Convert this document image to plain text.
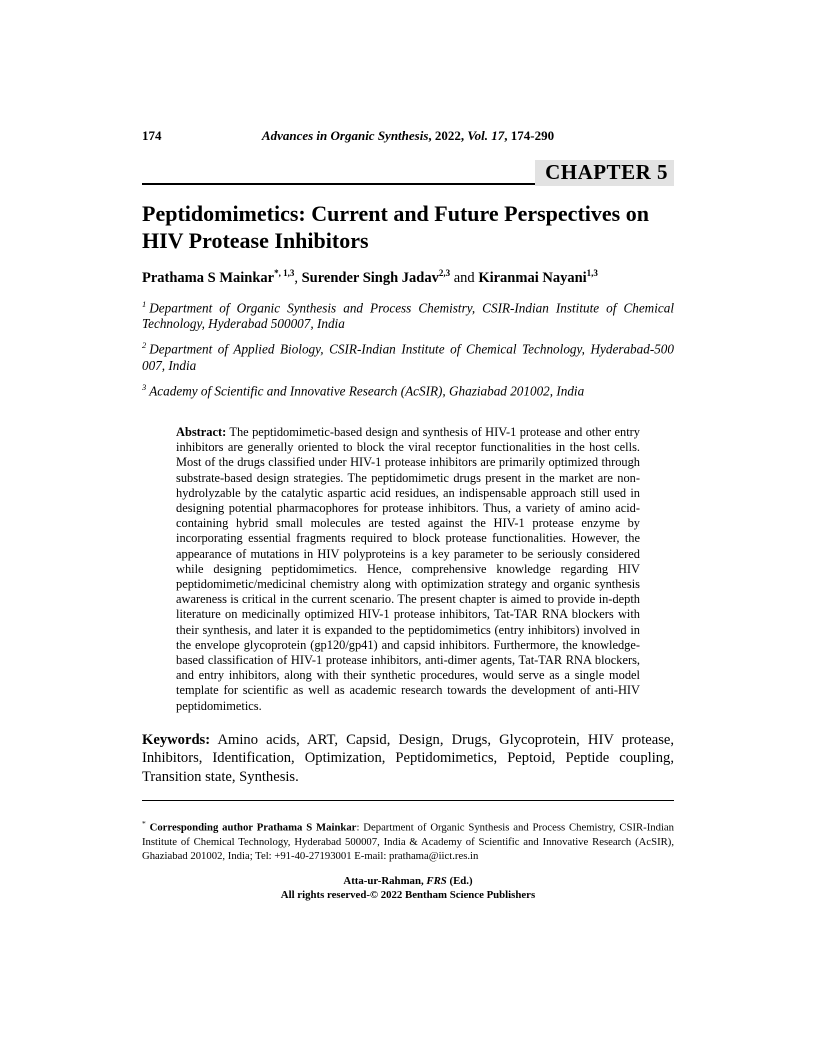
174	Advances in Organic Synthesis, 2022, Vol. 17, 174-290
CHAPTER 5
Peptidomimetics: Current and Future Perspectives on HIV Protease Inhibitors

Prathama S Mainkar$^{*, 1,3}$, Surender Singh Jadav$^{2,3}$ and Kiranmai Nayani$^{1,3}$

$^1$ Department of Organic Synthesis and Process Chemistry, CSIR-Indian Institute of Chemical Technology, Hyderabad 500007, India

$^2$ Department of Applied Biology, CSIR-Indian Institute of Chemical Technology, Hyderabad-500 007, India

$^3$ Academy of Scientific and Innovative Research (AcSIR), Ghaziabad 201002, India

Abstract: The peptidomimetic-based design and synthesis of HIV-1 protease and other entry inhibitors are generally oriented to block the viral receptor functionalities in the host cells. Most of the drugs classified under HIV-1 protease inhibitors are primarily optimized through substrate-based design strategies. The peptidomimetic drugs present in the market are non-hydrolyzable by the catalytic aspartic acid residues, an indispensable approach still used in designing potential pharmacophores for protease inhibitors. Thus, a variety of amino acid-containing hybrid small molecules are tested against the HIV-1 protease enzyme by incorporating essential fragments required to block protease functionalities. However, the appearance of mutations in HIV polyproteins is a key parameter to be seriously considered while designing peptidomimetics. Hence, comprehensive knowledge regarding HIV peptidomimetic/medicinal chemistry along with optimization strategy and organic synthesis awareness is critical in the current scenario. The present chapter is aimed to provide in-depth literature on medicinally optimized HIV-1 protease inhibitors, Tat-TAR RNA blockers with their synthesis, and later it is expanded to the peptidomimetics (entry inhibitors) involved in the envelope glycoprotein (gp120/gp41) and capsid inhibitors. Furthermore, the knowledge-based classification of HIV-1 protease inhibitors, anti-dimer agents, Tat-TAR RNA blockers, and entry inhibitors, along with their synthetic procedures, would serve as a single model template for scientific as well as academic research towards the development of anti-HIV peptidomimetics.

Keywords: Amino acids, ART, Capsid, Design, Drugs, Glycoprotein, HIV protease, Inhibitors, Identification, Optimization, Peptidomimetics, Peptoid, Peptide coupling, Transition state, Synthesis.

* Corresponding author Prathama S Mainkar: Department of Organic Synthesis and Process Chemistry, CSIR-Indian Institute of Chemical Technology, Hyderabad 500007, India & Academy of Scientific and Innovative Research (AcSIR), Ghaziabad 201002, India; Tel: +91-40-27193001 E-mail: prathama@iict.res.in

Atta-ur-Rahman, FRS (Ed.)
All rights reserved-© 2022 Bentham Science Publishers
